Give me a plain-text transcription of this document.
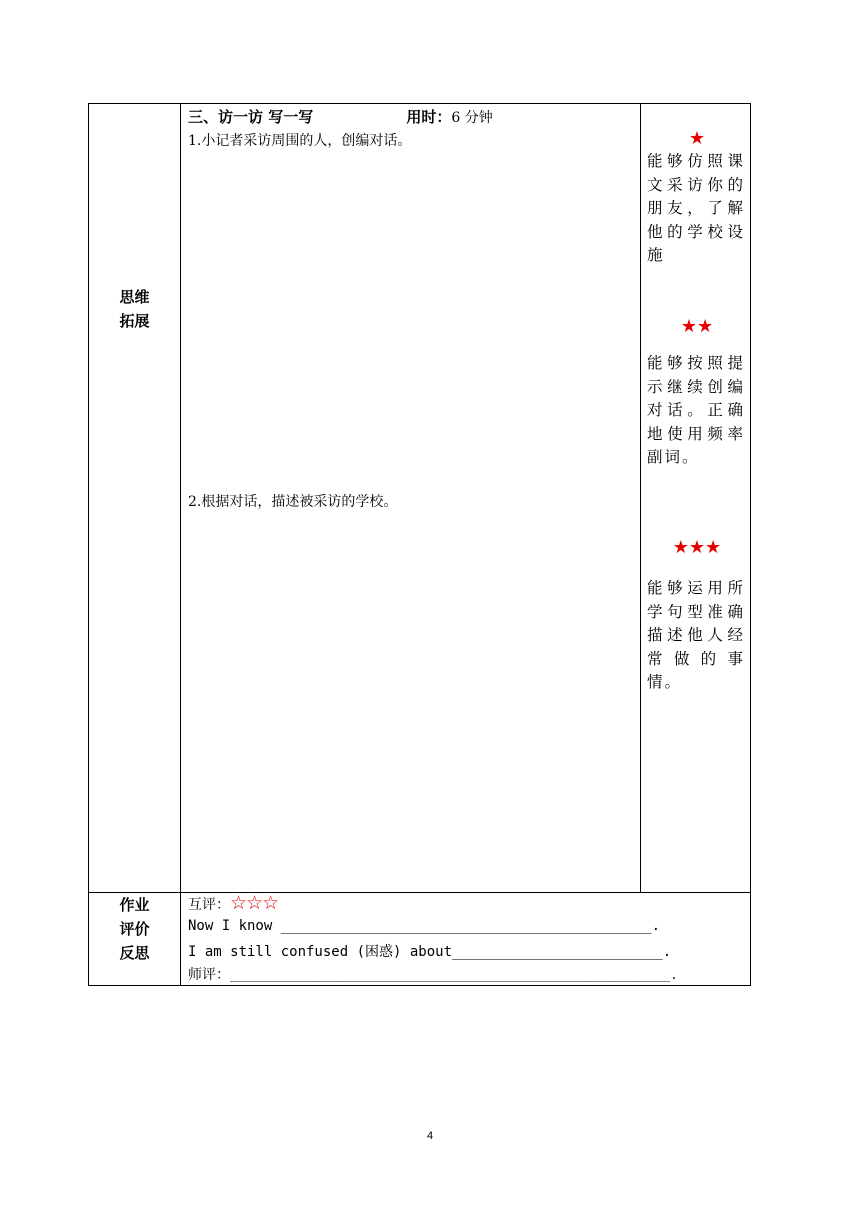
思维
拓展
三、访一访 写一写	用时：6 分钟
1.小记者采访周围的人，创编对话。
2.根据对话，描述被采访的学校。
★
能够仿照课文采访你的朋友，了解他的学校设施
★★
能够按照提示继续创编对话。正确地使用频率副词。
★★★
能够运用所学句型准确描述他人经常做的事情。
作业
评价
反思
互评：☆☆☆
Now I know ____________________________________________.
I am still confused (困惑) about_________________________.
师评：____________________________________________________________.
4
